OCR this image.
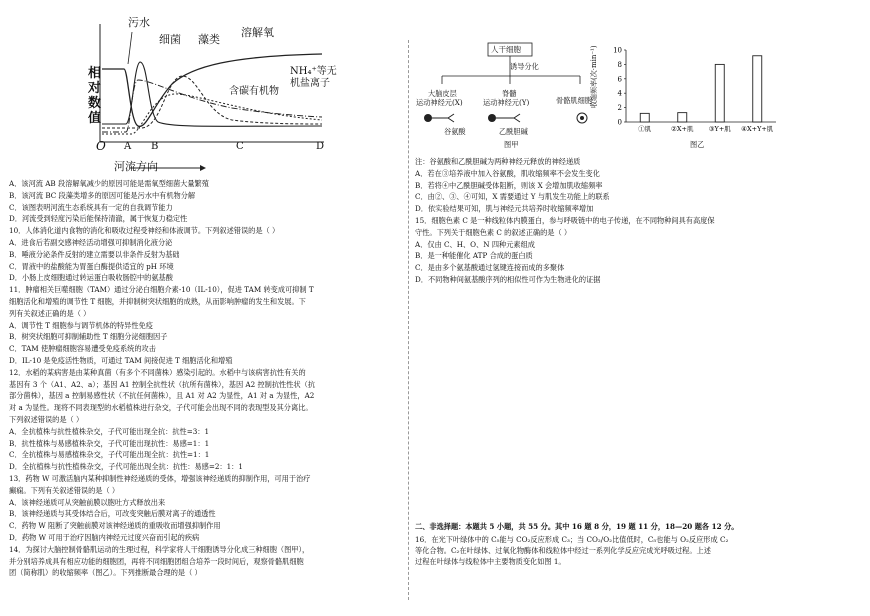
污水
细菌 藻类
溶解氧
相
对
数
值
NH₄⁺等无
机盐离子
含碳有机物
O A B	C	D
河流方向
A．该河流 AB 段溶解氧减少的原因可能是需氧型细菌大量繁殖
B．该河流 BC 段藻类增多的原因可能是污水中有机物分解
C．该图表明河流生态系统具有一定的自我调节能力
D．河流受到轻度污染后能保持清澈，属于恢复力稳定性
10．人体消化道内食物的消化和吸收过程受神经和体液调节。下列叙述错误的是（ ）
A．进食后若副交感神经活动增强可抑制消化液分泌
B．唾液分泌条件反射的建立需要以非条件反射为基础
C．胃液中的盐酸能为胃蛋白酶提供适宜的 pH 环境
D．小肠上皮细胞通过转运蛋白吸收肠腔中的氨基酸
11．肿瘤相关巨噬细胞（TAM）通过分泌白细胞介素-10（IL-10），促进 TAM 转变成可抑制 T
细胞活化和增殖的调节性 T 细胞，并抑制树突状细胞的成熟，从而影响肿瘤的发生和发展。下
列有关叙述正确的是（ ）
A．调节性 T 细胞参与调节机体的特异性免疫
B．树突状细胞可抑制辅助性 T 细胞分泌细胞因子
C．TAM 使肿瘤细胞容易遭受免疫系统的攻击
D．IL-10 是免疫活性物质，可通过 TAM 间接促进 T 细胞活化和增殖
12．水稻的某病害是由某种真菌（有多个不同菌株）感染引起的。水稻中与该病害抗性有关的
基因有 3 个（A1、A2、a）；基因 A1 控制全抗性状（抗所有菌株），基因 A2 控制抗性性状（抗
部分菌株），基因 a 控制易感性状（不抗任何菌株），且 A1 对 A2 为显性，A1 对 a 为显性，A2
对 a 为显性。现将不同表现型的水稻植株进行杂交，子代可能会出现不同的表现型及其分离比。
下列叙述错误的是（ ）
A．全抗植株与抗性植株杂交，子代可能出现全抗：抗性=3：1
B．抗性植株与易感植株杂交，子代可能出现抗性：易感=1：1
C．全抗植株与易感植株杂交，子代可能出现全抗：抗性=1：1
D．全抗植株与抗性植株杂交，子代可能出现全抗：抗性：易感=2：1：1
13．药物 W 可激活脑内某种抑制性神经递质的受体，增强该神经递质的抑制作用，可用于治疗
癫痫。下列有关叙述错误的是（ ）
A．该神经递质可从突触前膜以胞吐方式释放出来
B．该神经递质与其受体结合后，可改变突触后膜对离子的通透性
C．药物 W 阻断了突触前膜对该神经递质的重吸收而增强抑制作用
D．药物 W 可用于治疗因脑内神经元过度兴奋而引起的疾病
14．为探讨大脑控制骨骼肌运动的生理过程，科学家将人干细胞诱导分化成三种细胞（图甲），
并分别培养成具有相应功能的细胞团，再将不同细胞团组合培养一段时间后，观察骨骼肌细胞
团（简称肌）的收缩频率（图乙）。下列推断最合理的是（ ）
人干细胞
诱导分化
大脑皮层
运动神经元(X)
脊髓
运动神经元(Y)	骨骼肌细胞
谷氨酸	乙酰胆碱
图甲
0
2
4
6
8
10
①肌	②X+肌 ③Y+肌 ④X+Y+肌
收缩频率(次·min⁻¹)
图乙
注：谷氨酸和乙酰胆碱为两种神经元释放的神经递质
A．若在③培养液中加入谷氨酸，肌收缩频率不会发生变化
B．若将④中乙酰胆碱受体阻断，则该 X 会增加肌收缩频率
C．由②、③、④可知，X 需要通过 Y 与肌发生功能上的联系
D．依实验结果可知，肌与神经元共培养时收缩频率增加
15．细胞色素 C 是一种线粒体内膜蛋白，参与呼吸链中的电子传递，在不同物种间具有高度保
守性。下列关于细胞色素 C 的叙述正确的是（ ）
A．仅由 C、H、O、N 四种元素组成
B．是一种能催化 ATP 合成的蛋白质
C．是由多个氨基酸通过氢键连接而成的多聚体
D．不同物种间氨基酸序列的相似性可作为生物进化的证据
二、非选择题：本题共 5 小题，共 55 分。其中 16 题 8 分，19 题 11 分，18—20 题各 12 分。
16．在光下叶绿体中的 C₅能与 CO₂反应形成 C₃；当 CO₂/O₂比值低时，C₅也能与 O₂反应形成 C₂
等化合物。C₂在叶绿体、过氧化物酶体和线粒体中经过一系列化学反应完成光呼吸过程。上述
过程在叶绿体与线粒体中主要物质变化如图 1。
